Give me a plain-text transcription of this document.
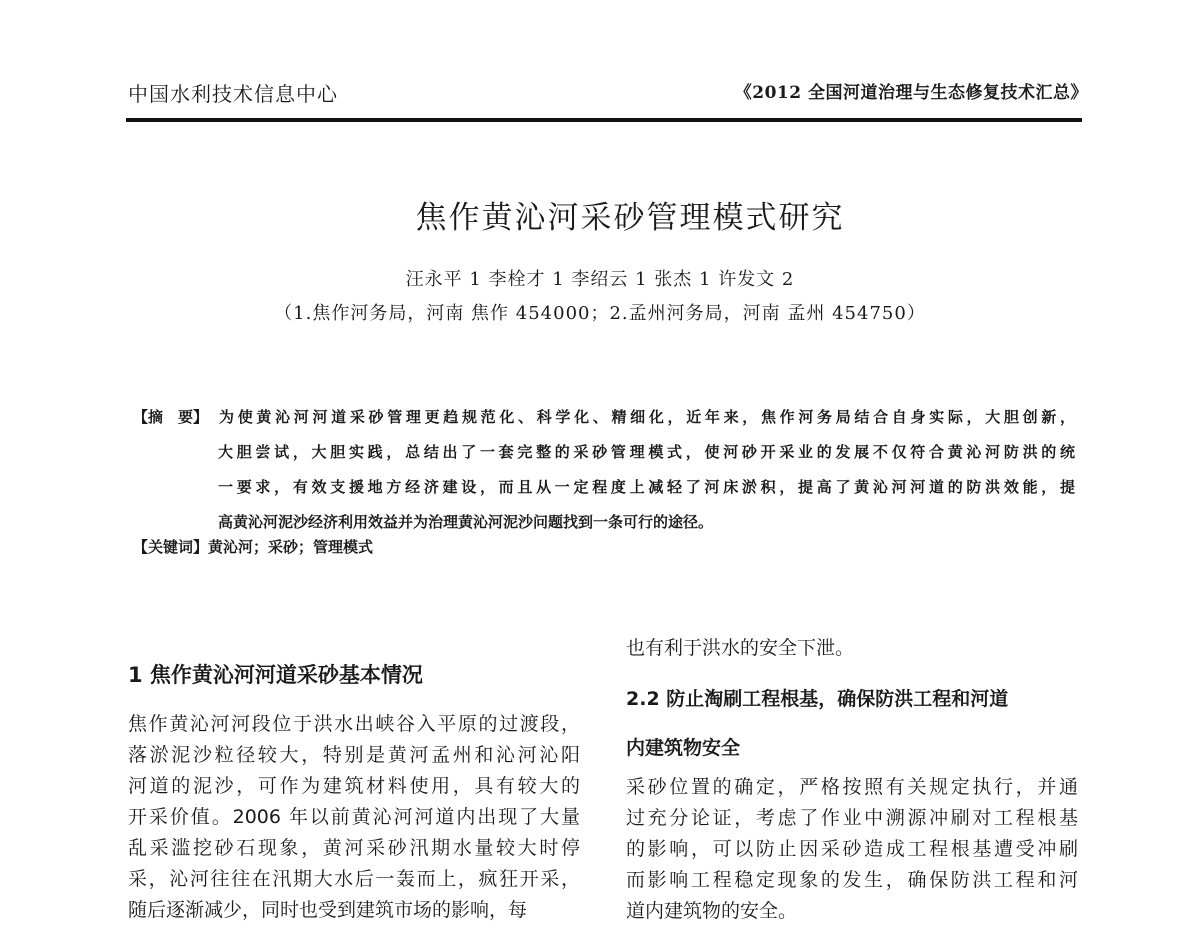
中国水利技术信息中心	《2012 全国河道治理与生态修复技术汇总》
焦作黄沁河采砂管理模式研究
汪永平 1 李栓才 1 李绍云 1 张杰 1 许发文 2
（1.焦作河务局，河南 焦作 454000；2.孟州河务局，河南 孟州 454750）
【摘　要】 为使黄沁河河道采砂管理更趋规范化、科学化、精细化，近年来，焦作河务局结合自身实际，大胆创新，
大胆尝试，大胆实践，总结出了一套完整的采砂管理模式，使河砂开采业的发展不仅符合黄沁河防洪的统
一要求，有效支援地方经济建设，而且从一定程度上减轻了河床淤积，提高了黄沁河河道的防洪效能，提
高黄沁河泥沙经济利用效益并为治理黄沁河泥沙问题找到一条可行的途径。
【关键词】黄沁河；采砂；管理模式
1 焦作黄沁河河道采砂基本情况
焦作黄沁河河段位于洪水出峡谷入平原的过渡段，
落淤泥沙粒径较大，特别是黄河孟州和沁河沁阳
河道的泥沙，可作为建筑材料使用，具有较大的
开采价值。2006 年以前黄沁河河道内出现了大量
乱采滥挖砂石现象，黄河采砂汛期水量较大时停
采，沁河往往在汛期大水后一轰而上，疯狂开采，
随后逐渐减少，同时也受到建筑市场的影响，每
也有利于洪水的安全下泄。
2.2 防止淘刷工程根基，确保防洪工程和河道
内建筑物安全
采砂位置的确定，严格按照有关规定执行，并通
过充分论证，考虑了作业中溯源冲刷对工程根基
的影响，可以防止因采砂造成工程根基遭受冲刷
而影响工程稳定现象的发生，确保防洪工程和河
道内建筑物的安全。
